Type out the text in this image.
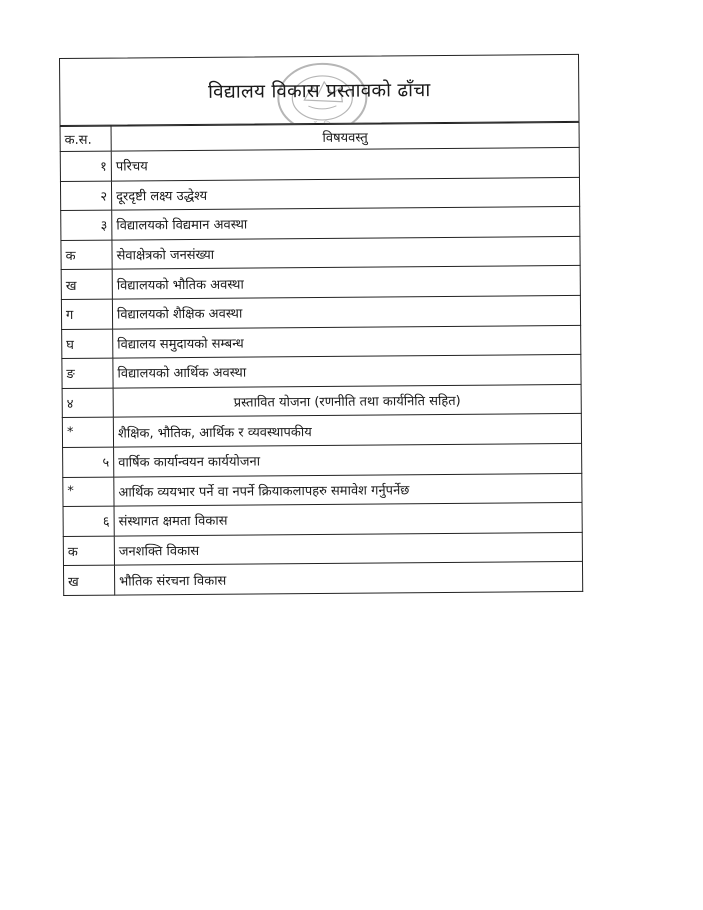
गाउँपालिका
विद्यालय विकास प्रस्तावको ढाँचा
क.स.	विषयवस्तु
१	परिचय
२	दूरदृष्टी लक्ष्य उद्धेश्य
३	विद्यालयको विद्यमान अवस्था
क	सेवाक्षेत्रको जनसंख्या
ख	विद्यालयको भौतिक अवस्था
ग	विद्यालयको शैक्षिक अवस्था
घ	विद्यालय समुदायको सम्बन्ध
ङ	विद्यालयको आर्थिक अवस्था
४	प्रस्तावित योजना (रणनीति तथा कार्यनिति सहित)
*	शैक्षिक, भौतिक, आर्थिक र व्यवस्थापकीय
५	वार्षिक कार्यान्वयन कार्ययोजना
*	आर्थिक व्ययभार पर्ने वा नपर्ने क्रियाकलापहरु समावेश गर्नुपर्नेछ
६	संस्थागत क्षमता विकास
क	जनशक्ति विकास
ख	भौतिक संरचना विकास
